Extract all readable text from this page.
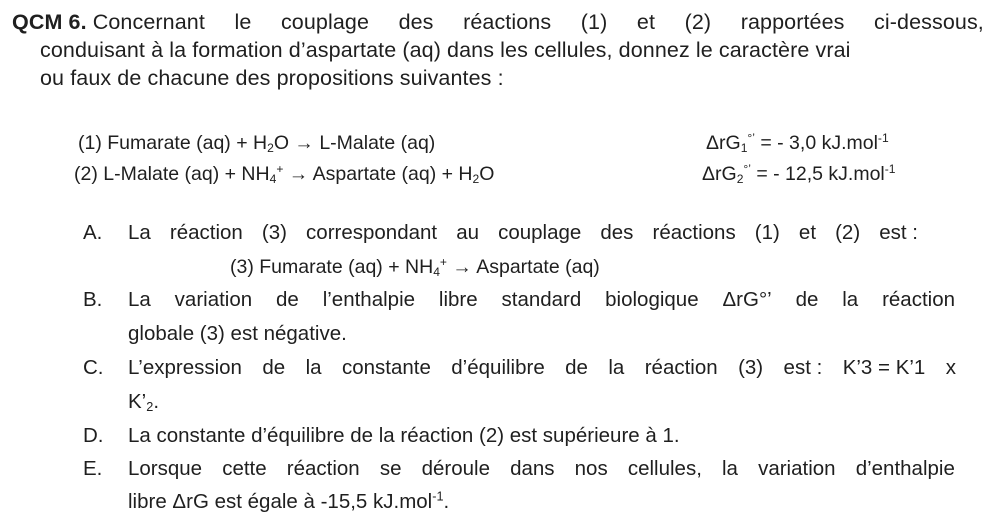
QCM 6. Concernant le couplage des réactions (1) et (2) rapportées ci-dessous,
conduisant à la formation d’aspartate (aq) dans les cellules, donnez le caractère vrai
ou faux de chacune des propositions suivantes :
(1) Fumarate $(aq) + H_2O$ → L-Malate (aq)	ΔrG$_1$°’ = - 3,0 kJ.mol$^{-1}$
(2) L-Malate $(aq) + NH_4^+$ → Aspartate $(aq) + H_2O$	ΔrG$_2$°’ = - 12,5 kJ.mol$^{-1}$
A. La réaction (3) correspondant au couplage des réactions (1) et (2) est :
(3) Fumarate $(aq) + NH_4^+$ → Aspartate (aq)
B. La variation de l’enthalpie libre standard biologique ΔrG°’ de la réaction
globale (3) est négative.
C. L’expression de la constante d’équilibre de la réaction (3) est : K’3 = K’1 x
$K’_2$.
D. La constante d’équilibre de la réaction (2) est supérieure à 1.
E. Lorsque cette réaction se déroule dans nos cellules, la variation d’enthalpie
libre ΔrG est égale à -15,5 kJ.mol$^{-1}$.
